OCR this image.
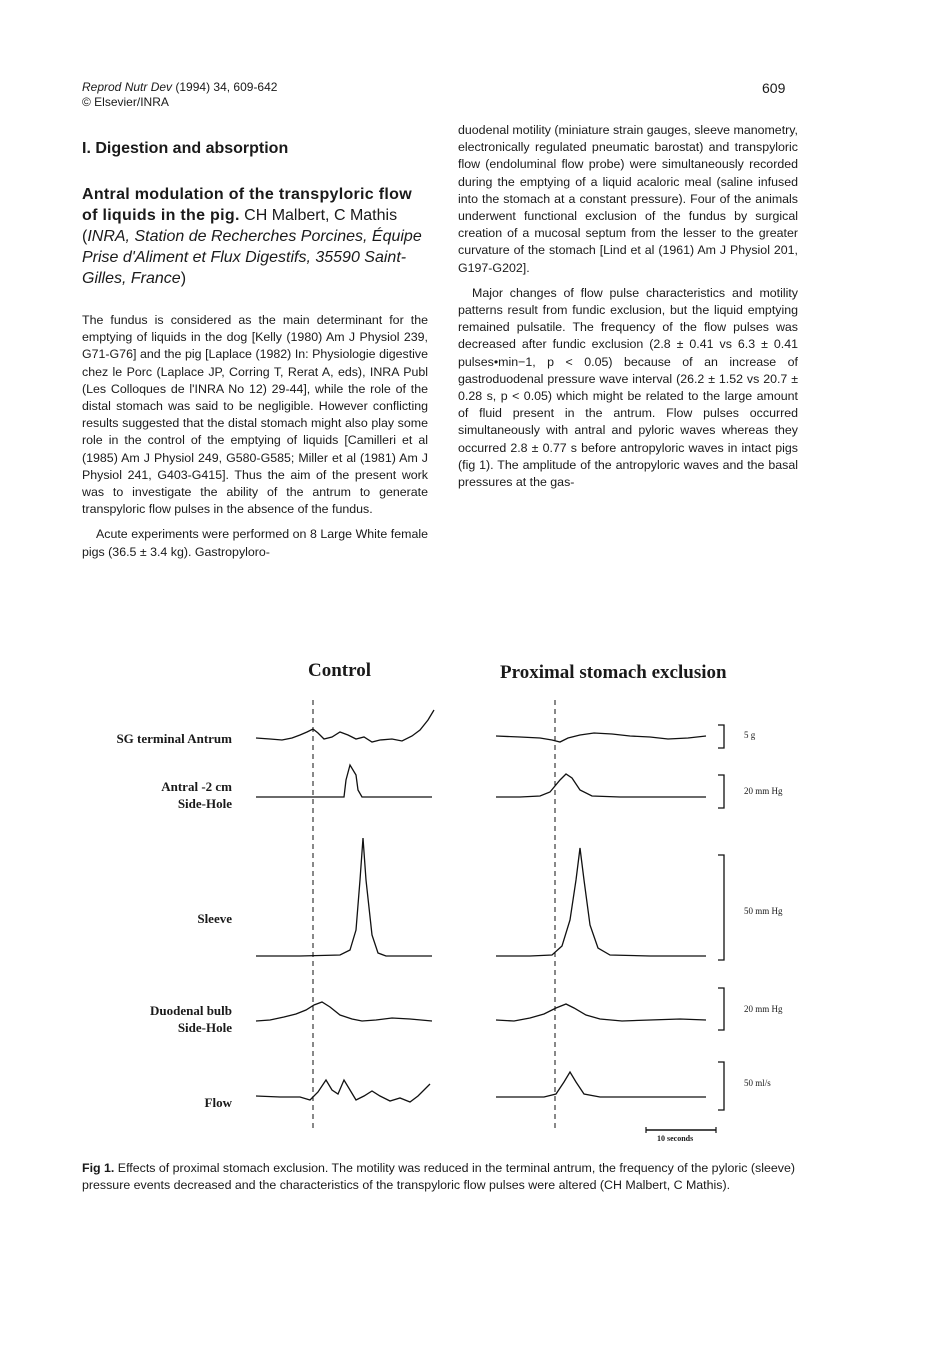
Reprod Nutr Dev (1994) 34, 609-642
© Elsevier/INRA
609
I. Digestion and absorption
Antral modulation of the transpyloric flow of liquids in the pig. CH Malbert, C Mathis (INRA, Station de Recherches Porcines, Équipe Prise d'Aliment et Flux Digestifs, 35590 Saint-Gilles, France)

The fundus is considered as the main determinant for the emptying of liquids in the dog [Kelly (1980) Am J Physiol 239, G71-G76] and the pig [Laplace (1982) In: Physiologie digestive chez le Porc (Laplace JP, Corring T, Rerat A, eds), INRA Publ (Les Colloques de l'INRA No 12) 29-44], while the role of the distal stomach was said to be negligible. However conflicting results suggested that the distal stomach might also play some role in the control of the emptying of liquids [Camilleri et al (1985) Am J Physiol 249, G580-G585; Miller et al (1981) Am J Physiol 241, G403-G415]. Thus the aim of the present work was to investigate the ability of the antrum to generate transpyloric flow pulses in the absence of the fundus.

Acute experiments were performed on 8 Large White female pigs (36.5 ± 3.4 kg). Gastropyloro-

duodenal motility (miniature strain gauges, sleeve manometry, electronically regulated pneumatic barostat) and transpyloric flow (endoluminal flow probe) were simultaneously recorded during the emptying of a liquid acaloric meal (saline infused into the stomach at a constant pressure). Four of the animals underwent functional exclusion of the fundus by surgical creation of a mucosal septum from the lesser to the greater curvature of the stomach [Lind et al (1961) Am J Physiol 201, G197-G202].

Major changes of flow pulse characteristics and motility patterns result from fundic exclusion, but the liquid emptying remained pulsatile. The frequency of the flow pulses was decreased after fundic exclusion (2.8 ± 0.41 vs 6.3 ± 0.41 pulses•min−1, p < 0.05) because of an increase of gastroduodenal pressure wave interval (26.2 ± 1.52 vs 20.7 ± 0.28 s, p < 0.05) which might be related to the large amount of fluid present in the antrum. Flow pulses occurred simultaneously with antral and pyloric waves whereas they occurred 2.8 ± 0.77 s before antropyloric waves in intact pigs (fig 1). The amplitude of the antropyloric waves and the basal pressures at the gas-

Control	Proximal stomach exclusion
SG terminal Antrum
Antral -2 cm
Side-Hole
Sleeve
Duodenal bulb
Side-Hole
Flow
5 g
20 mm Hg
50 mm Hg
20 mm Hg
50 ml/s
10 seconds
Fig 1. Effects of proximal stomach exclusion. The motility was reduced in the terminal antrum, the frequency of the pyloric (sleeve) pressure events decreased and the characteristics of the transpyloric flow pulses were altered (CH Malbert, C Mathis).
